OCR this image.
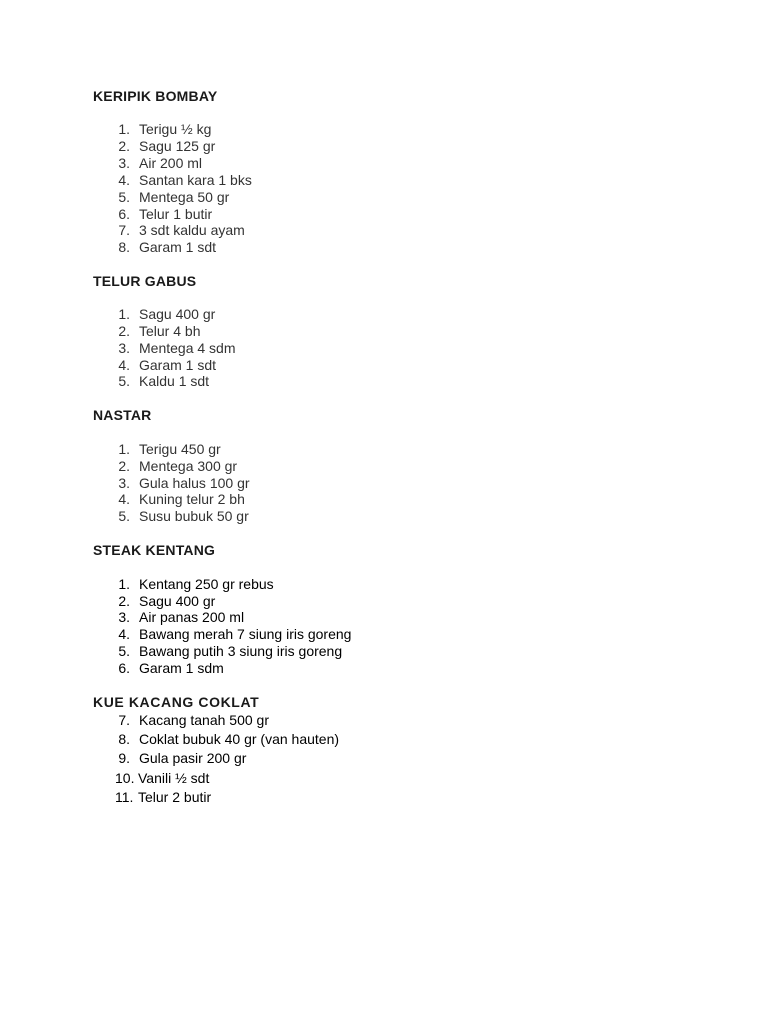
KERIPIK BOMBAY
1. Terigu ½ kg
2. Sagu 125 gr
3. Air 200 ml
4. Santan kara 1 bks
5. Mentega 50 gr
6. Telur 1 butir
7. 3 sdt kaldu ayam
8. Garam 1 sdt
TELUR GABUS
1. Sagu 400 gr
2. Telur 4 bh
3. Mentega 4 sdm
4. Garam 1 sdt
5. Kaldu 1 sdt
NASTAR
1. Terigu 450 gr
2. Mentega 300 gr
3. Gula halus 100 gr
4. Kuning telur 2 bh
5. Susu bubuk 50 gr
STEAK KENTANG
1. Kentang 250 gr rebus
2. Sagu 400 gr
3. Air panas 200 ml
4. Bawang merah 7 siung iris goreng
5. Bawang putih 3 siung iris goreng
6. Garam 1 sdm
KUE KACANG COKLAT
7. Kacang tanah 500 gr
8. Coklat bubuk 40 gr (van hauten)
9. Gula pasir 200 gr
10. Vanili ½ sdt
11. Telur 2 butir
